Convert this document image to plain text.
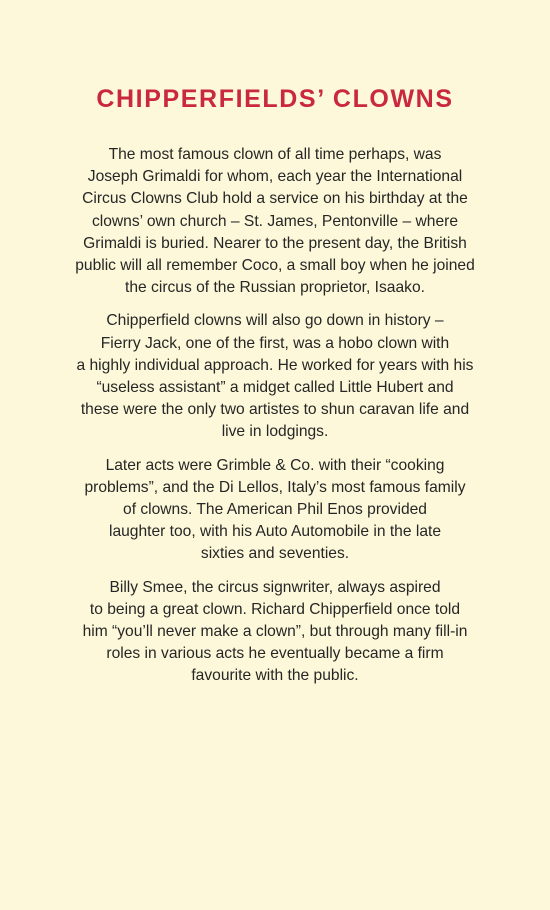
CHIPPERFIELDS’ CLOWNS

The most famous clown of all time perhaps, was
Joseph Grimaldi for whom, each year the International
Circus Clowns Club hold a service on his birthday at the
clowns’ own church – St. James, Pentonville – where
Grimaldi is buried. Nearer to the present day, the British
public will all remember Coco, a small boy when he joined
the circus of the Russian proprietor, Isaako.

Chipperfield clowns will also go down in history –
Fierry Jack, one of the first, was a hobo clown with
a highly individual approach. He worked for years with his
“useless assistant” a midget called Little Hubert and
these were the only two artistes to shun caravan life and
live in lodgings.

Later acts were Grimble & Co. with their “cooking
problems”, and the Di Lellos, Italy’s most famous family
of clowns. The American Phil Enos provided
laughter too, with his Auto Automobile in the late
sixties and seventies.

Billy Smee, the circus signwriter, always aspired
to being a great clown. Richard Chipperfield once told
him “you’ll never make a clown”, but through many fill-in
roles in various acts he eventually became a firm
favourite with the public.
